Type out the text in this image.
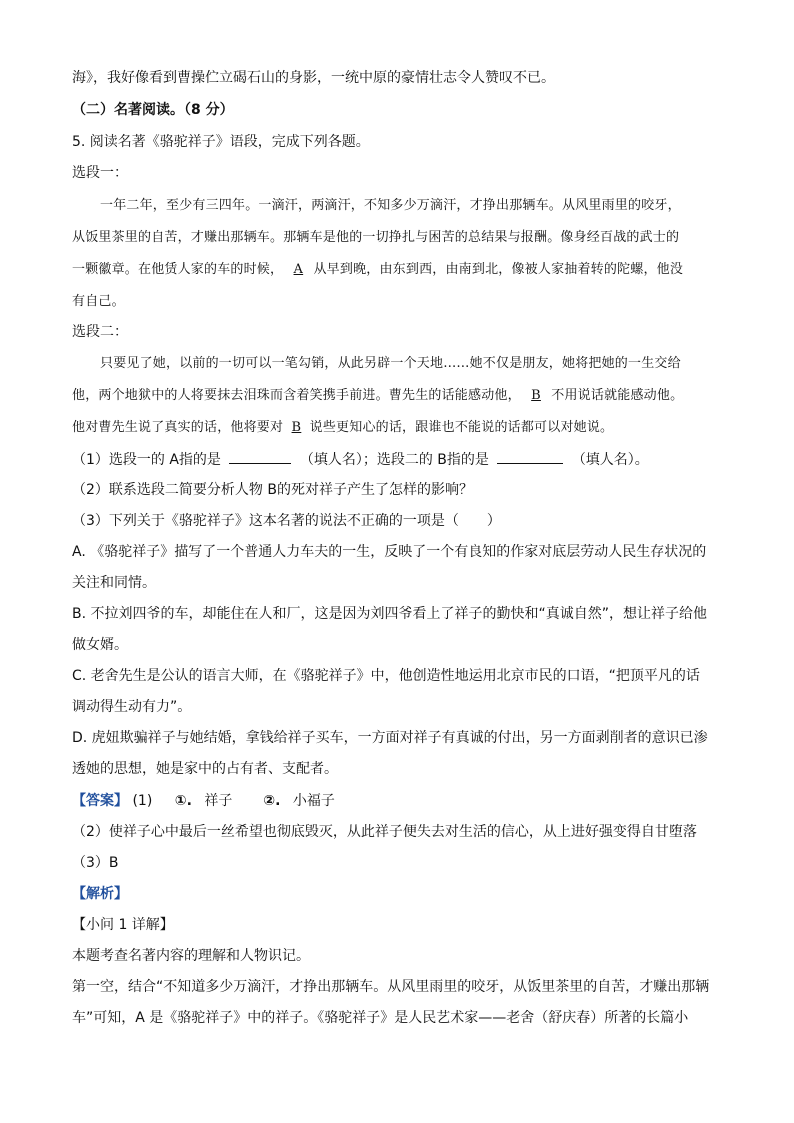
海》，我好像看到曹操伫立碣石山的身影，一统中原的豪情壮志令人赞叹不已。
（二）名著阅读。（8 分）
5. 阅读名著《骆驼祥子》语段，完成下列各题。
选段一：
一年二年，至少有三四年。一滴汗，两滴汗，不知多少万滴汗，才挣出那辆车。从风里雨里的咬牙，
从饭里茶里的自苦，才赚出那辆车。那辆车是他的一切挣扎与困苦的总结果与报酬。像身经百战的武士的
一颗徽章。在他赁人家的车的时候， A 从早到晚，由东到西，由南到北，像被人家抽着转的陀螺，他没
有自己。
选段二：
只要见了她，以前的一切可以一笔勾销，从此另辟一个天地……她不仅是朋友，她将把她的一生交给
他，两个地狱中的人将要抹去泪珠而含着笑携手前进。曹先生的话能感动他， B 不用说话就能感动他。
他对曹先生说了真实的话，他将要对 B 说些更知心的话，跟谁也不能说的话都可以对她说。
（1）选段一的 A指的是	（填人名）；选段二的 B指的是	（填人名）。
（2）联系选段二简要分析人物 B的死对祥子产生了怎样的影响？
（3）下列关于《骆驼祥子》这本名著的说法不正确的一项是（　　）
A. 《骆驼祥子》描写了一个普通人力车夫的一生，反映了一个有良知的作家对底层劳动人民生存状况的
关注和同情。
B. 不拉刘四爷的车，却能住在人和厂，这是因为刘四爷看上了祥子的勤快和“真诚自然”，想让祥子给他
做女婿。
C. 老舍先生是公认的语言大师，在《骆驼祥子》中，他创造性地运用北京市民的口语，“把顶平凡的话
调动得生动有力”。
D. 虎妞欺骗祥子与她结婚，拿钱给祥子买车，一方面对祥子有真诚的付出，另一方面剥削者的意识已渗
透她的思想，她是家中的占有者、支配者。
【答案】 (1) ①. 祥子 ②. 小福子
（2）使祥子心中最后一丝希望也彻底毁灭，从此祥子便失去对生活的信心，从上进好强变得自甘堕落
（3）B
【解析】
【小问 1 详解】
本题考查名著内容的理解和人物识记。
第一空，结合“不知道多少万滴汗，才挣出那辆车。从风里雨里的咬牙，从饭里茶里的自苦，才赚出那辆
车”可知，A 是《骆驼祥子》中的祥子。《骆驼祥子》是人民艺术家——老舍（舒庆春）所著的长篇小
